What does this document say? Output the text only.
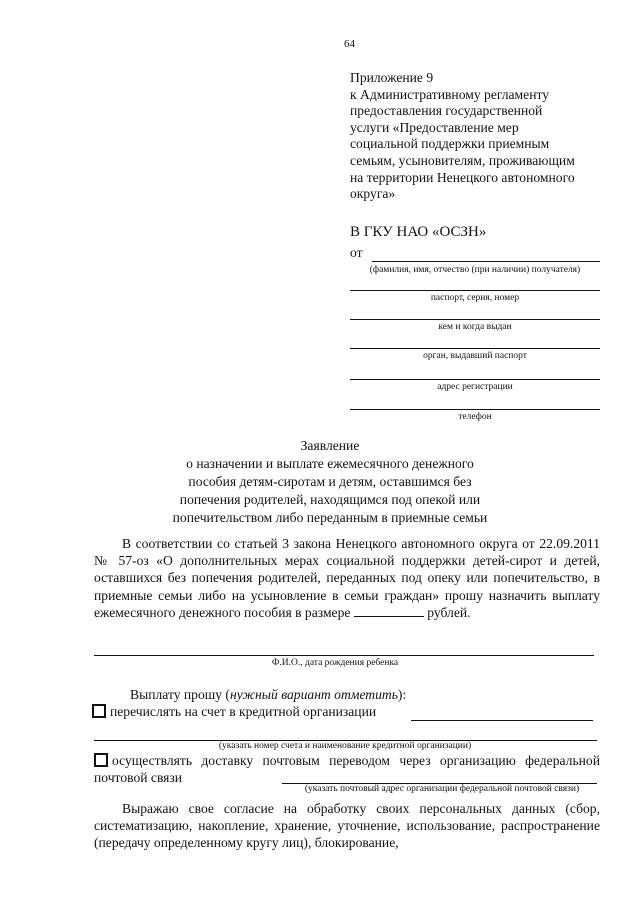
64
Приложение 9
к Административному регламенту
предоставления государственной
услуги «Предоставление мер
социальной поддержки приемным
семьям, усыновителям, проживающим
на территории Ненецкого автономного
округа»
В ГКУ НАО «ОСЗН»
от
(фамилия, имя, отчество (при наличии) получателя)
паспорт, серия, номер
кем и когда выдан
орган, выдавший паспорт
адрес регистрации
телефон
Заявление
о назначении и выплате ежемесячного денежного
пособия детям-сиротам и детям, оставшимся без
попечения родителей, находящимся под опекой или
попечительством либо переданным в приемные семьи

В соответствии со статьей 3 закона Ненецкого автономного округа от 22.09.2011 № 57-оз «О дополнительных мерах социальной поддержки детей-сирот и детей, оставшихся без попечения родителей, переданных под опеку или попечительство, в приемные семьи либо на усыновление в семьи граждан» прошу назначить выплату ежемесячного денежного пособия в размере	рублей.

Ф.И.О., дата рождения ребенка

Выплату прошу (нужный вариант отметить):

перечислять на счет в кредитной организации
(указать номер счета и наименование кредитной организации)

осуществлять доставку почтовым переводом через организацию федеральной почтовой связи

(указать почтовый адрес организации федеральной почтовой связи)

Выражаю свое согласие на обработку своих персональных данных (сбор, систематизацию, накопление, хранение, уточнение, использование, распространение (передачу определенному кругу лиц), блокирование,
